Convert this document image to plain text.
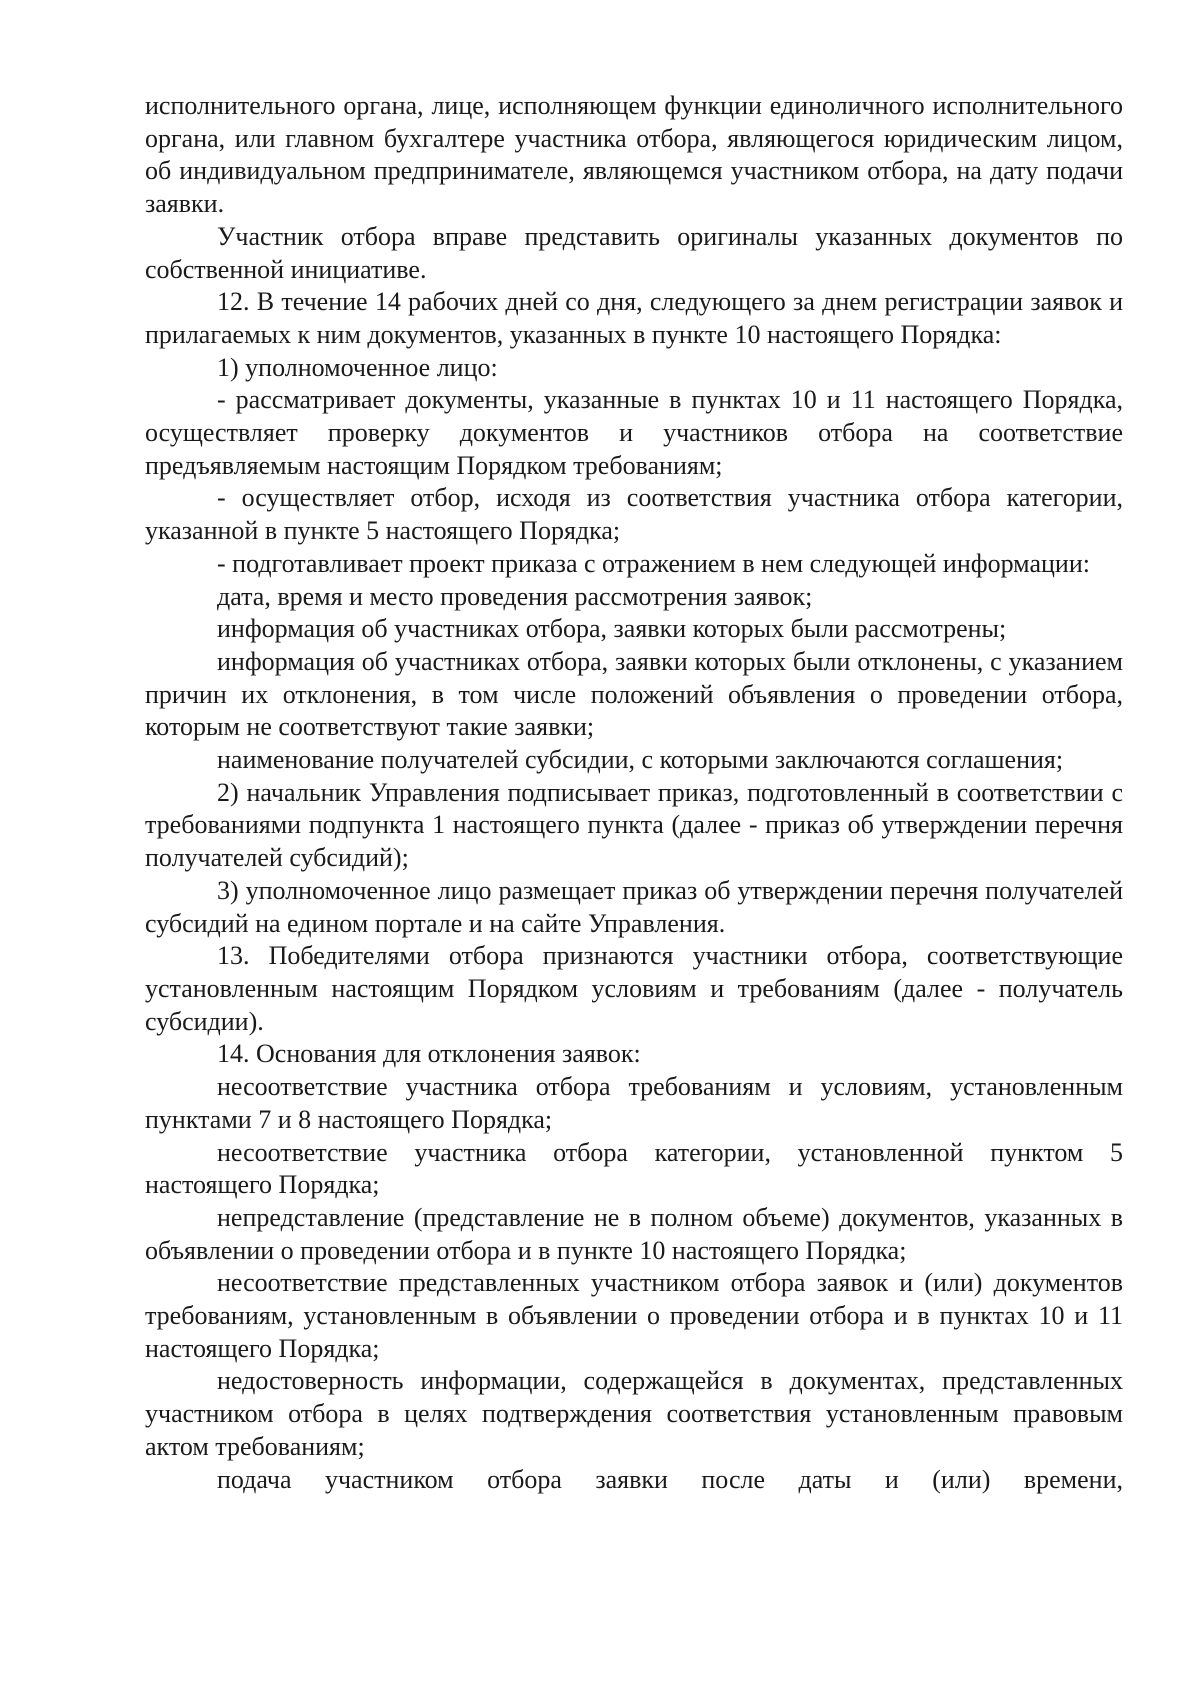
исполнительного органа, лице, исполняющем функции единоличного исполнительного органа, или главном бухгалтере участника отбора, являющегося юридическим лицом, об индивидуальном предпринимателе, являющемся участником отбора, на дату подачи заявки.

Участник отбора вправе представить оригиналы указанных документов по собственной инициативе.

12. В течение 14 рабочих дней со дня, следующего за днем регистрации заявок и прилагаемых к ним документов, указанных в пункте 10 настоящего Порядка:

1) уполномоченное лицо:

- рассматривает документы, указанные в пунктах 10 и 11 настоящего Порядка, осуществляет проверку документов и участников отбора на соответствие предъявляемым настоящим Порядком требованиям;

- осуществляет отбор, исходя из соответствия участника отбора категории, указанной в пункте 5 настоящего Порядка;

- подготавливает проект приказа с отражением в нем следующей информации:

дата, время и место проведения рассмотрения заявок;

информация об участниках отбора, заявки которых были рассмотрены;

информация об участниках отбора, заявки которых были отклонены, с указанием причин их отклонения, в том числе положений объявления о проведении отбора, которым не соответствуют такие заявки;

наименование получателей субсидии, с которыми заключаются соглашения;

2) начальник Управления подписывает приказ, подготовленный в соответствии с требованиями подпункта 1 настоящего пункта (далее - приказ об утверждении перечня получателей субсидий);

3) уполномоченное лицо размещает приказ об утверждении перечня получателей субсидий на едином портале и на сайте Управления.

13. Победителями отбора признаются участники отбора, соответствующие установленным настоящим Порядком условиям и требованиям (далее - получатель субсидии).

14. Основания для отклонения заявок:

несоответствие участника отбора требованиям и условиям, установленным пунктами 7 и 8 настоящего Порядка;

несоответствие участника отбора категории, установленной пунктом 5 настоящего Порядка;

непредставление (представление не в полном объеме) документов, указанных в объявлении о проведении отбора и в пункте 10 настоящего Порядка;

несоответствие представленных участником отбора заявок и (или) документов требованиям, установленным в объявлении о проведении отбора и в пунктах 10 и 11 настоящего Порядка;

недостоверность информации, содержащейся в документах, представленных участником отбора в целях подтверждения соответствия установленным правовым актом требованиям;

подача участником отбора заявки после даты и (или) времени,
